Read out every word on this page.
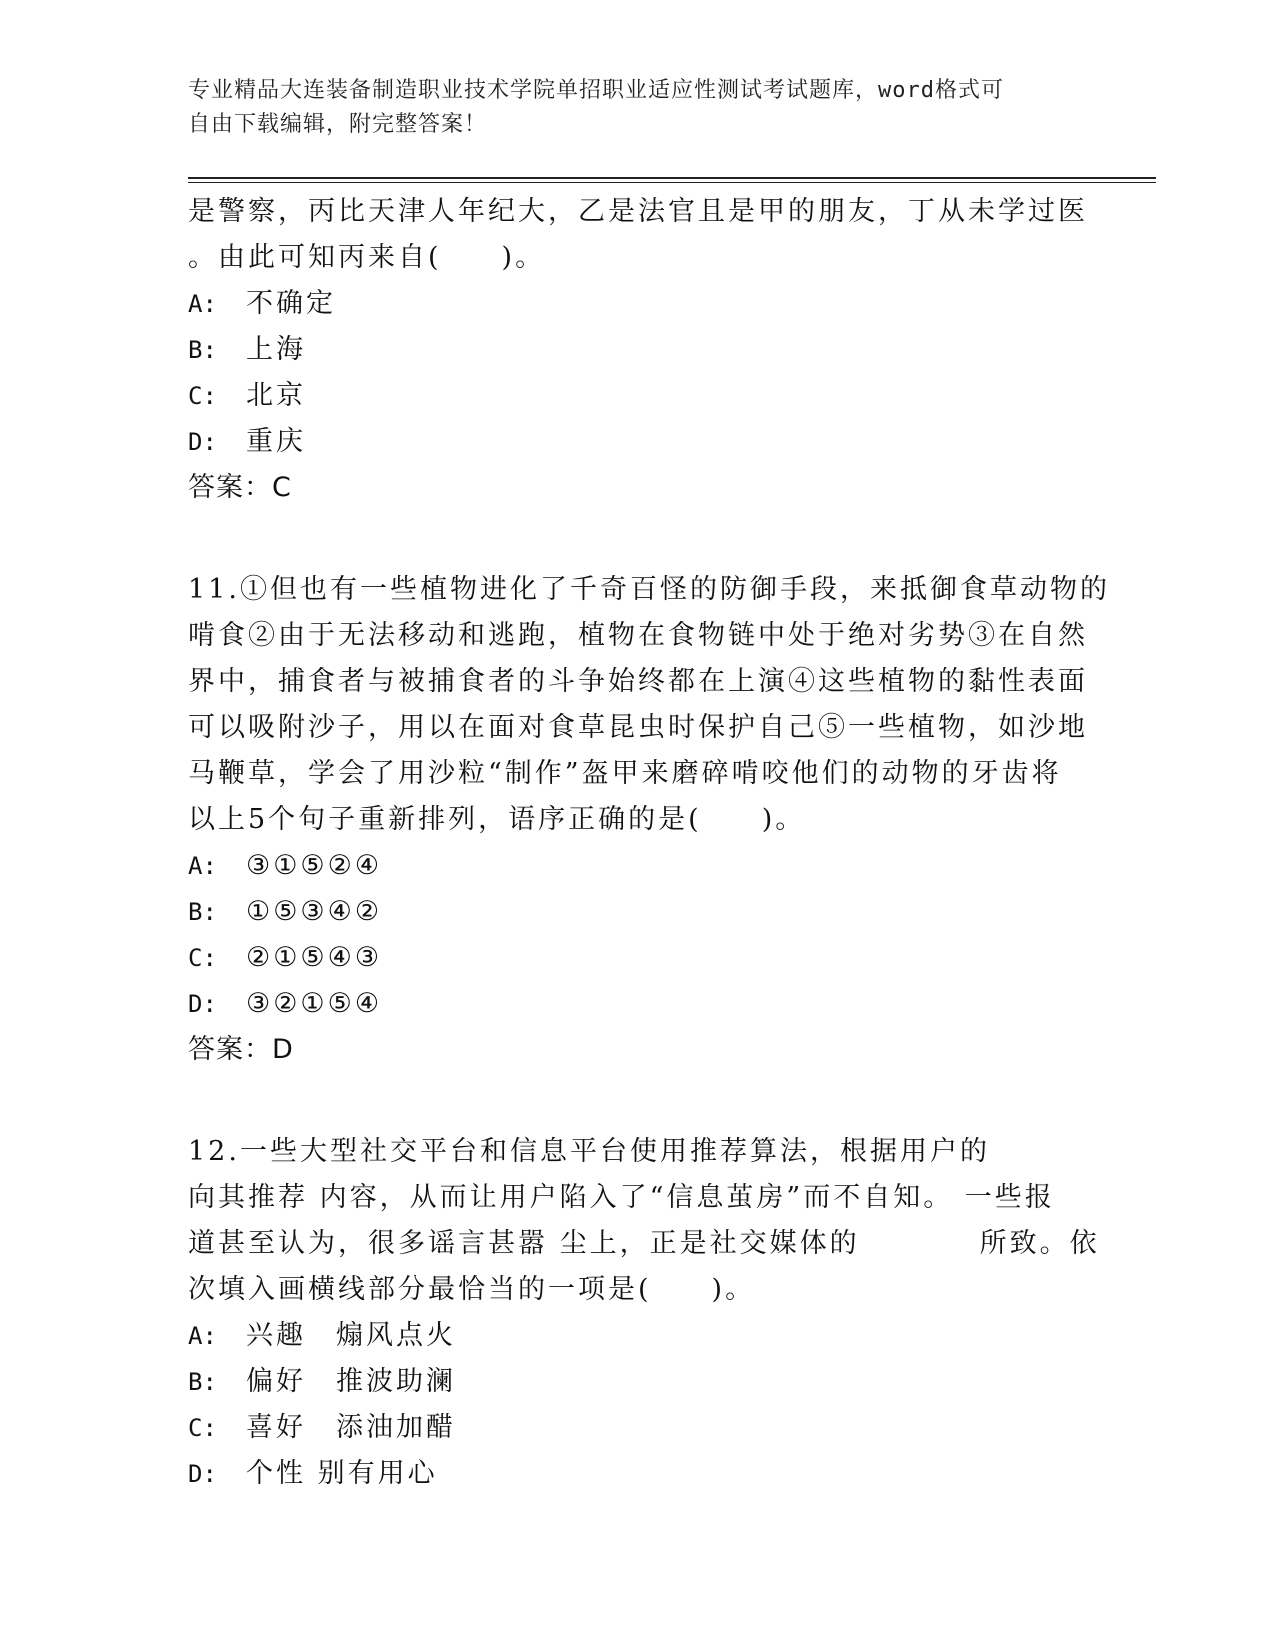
专业精品大连装备制造职业技术学院单招职业适应性测试考试题库，word格式可
自由下载编辑，附完整答案！
是警察，丙比天津人年纪大，乙是法官且是甲的朋友，丁从未学过医
。由此可知丙来自(　　)。
A:	不确定
B:	上海
C:	北京
D:	重庆
答案：C
11.①但也有一些植物进化了千奇百怪的防御手段，来抵御食草动物的
啃食②由于无法移动和逃跑，植物在食物链中处于绝对劣势③在自然
界中，捕食者与被捕食者的斗争始终都在上演④这些植物的黏性表面
可以吸附沙子，用以在面对食草昆虫时保护自己⑤一些植物，如沙地
马鞭草，学会了用沙粒“制作”盔甲来磨碎啃咬他们的动物的牙齿将
以上5个句子重新排列，语序正确的是(　　)。
A:	③①⑤②④
B:	①⑤③④②
C:	②①⑤④③
D:	③②①⑤④
答案：D
12.一些大型社交平台和信息平台使用推荐算法，根据用户的
向其推荐 内容，从而让用户陷入了“信息茧房”而不自知。 一些报
道甚至认为，很多谣言甚嚣 尘上，正是社交媒体的　　　　所致。依
次填入画横线部分最恰当的一项是(　　)。
A:	兴趣　煽风点火
B:	偏好　推波助澜
C:	喜好　添油加醋
D:	个性 别有用心
